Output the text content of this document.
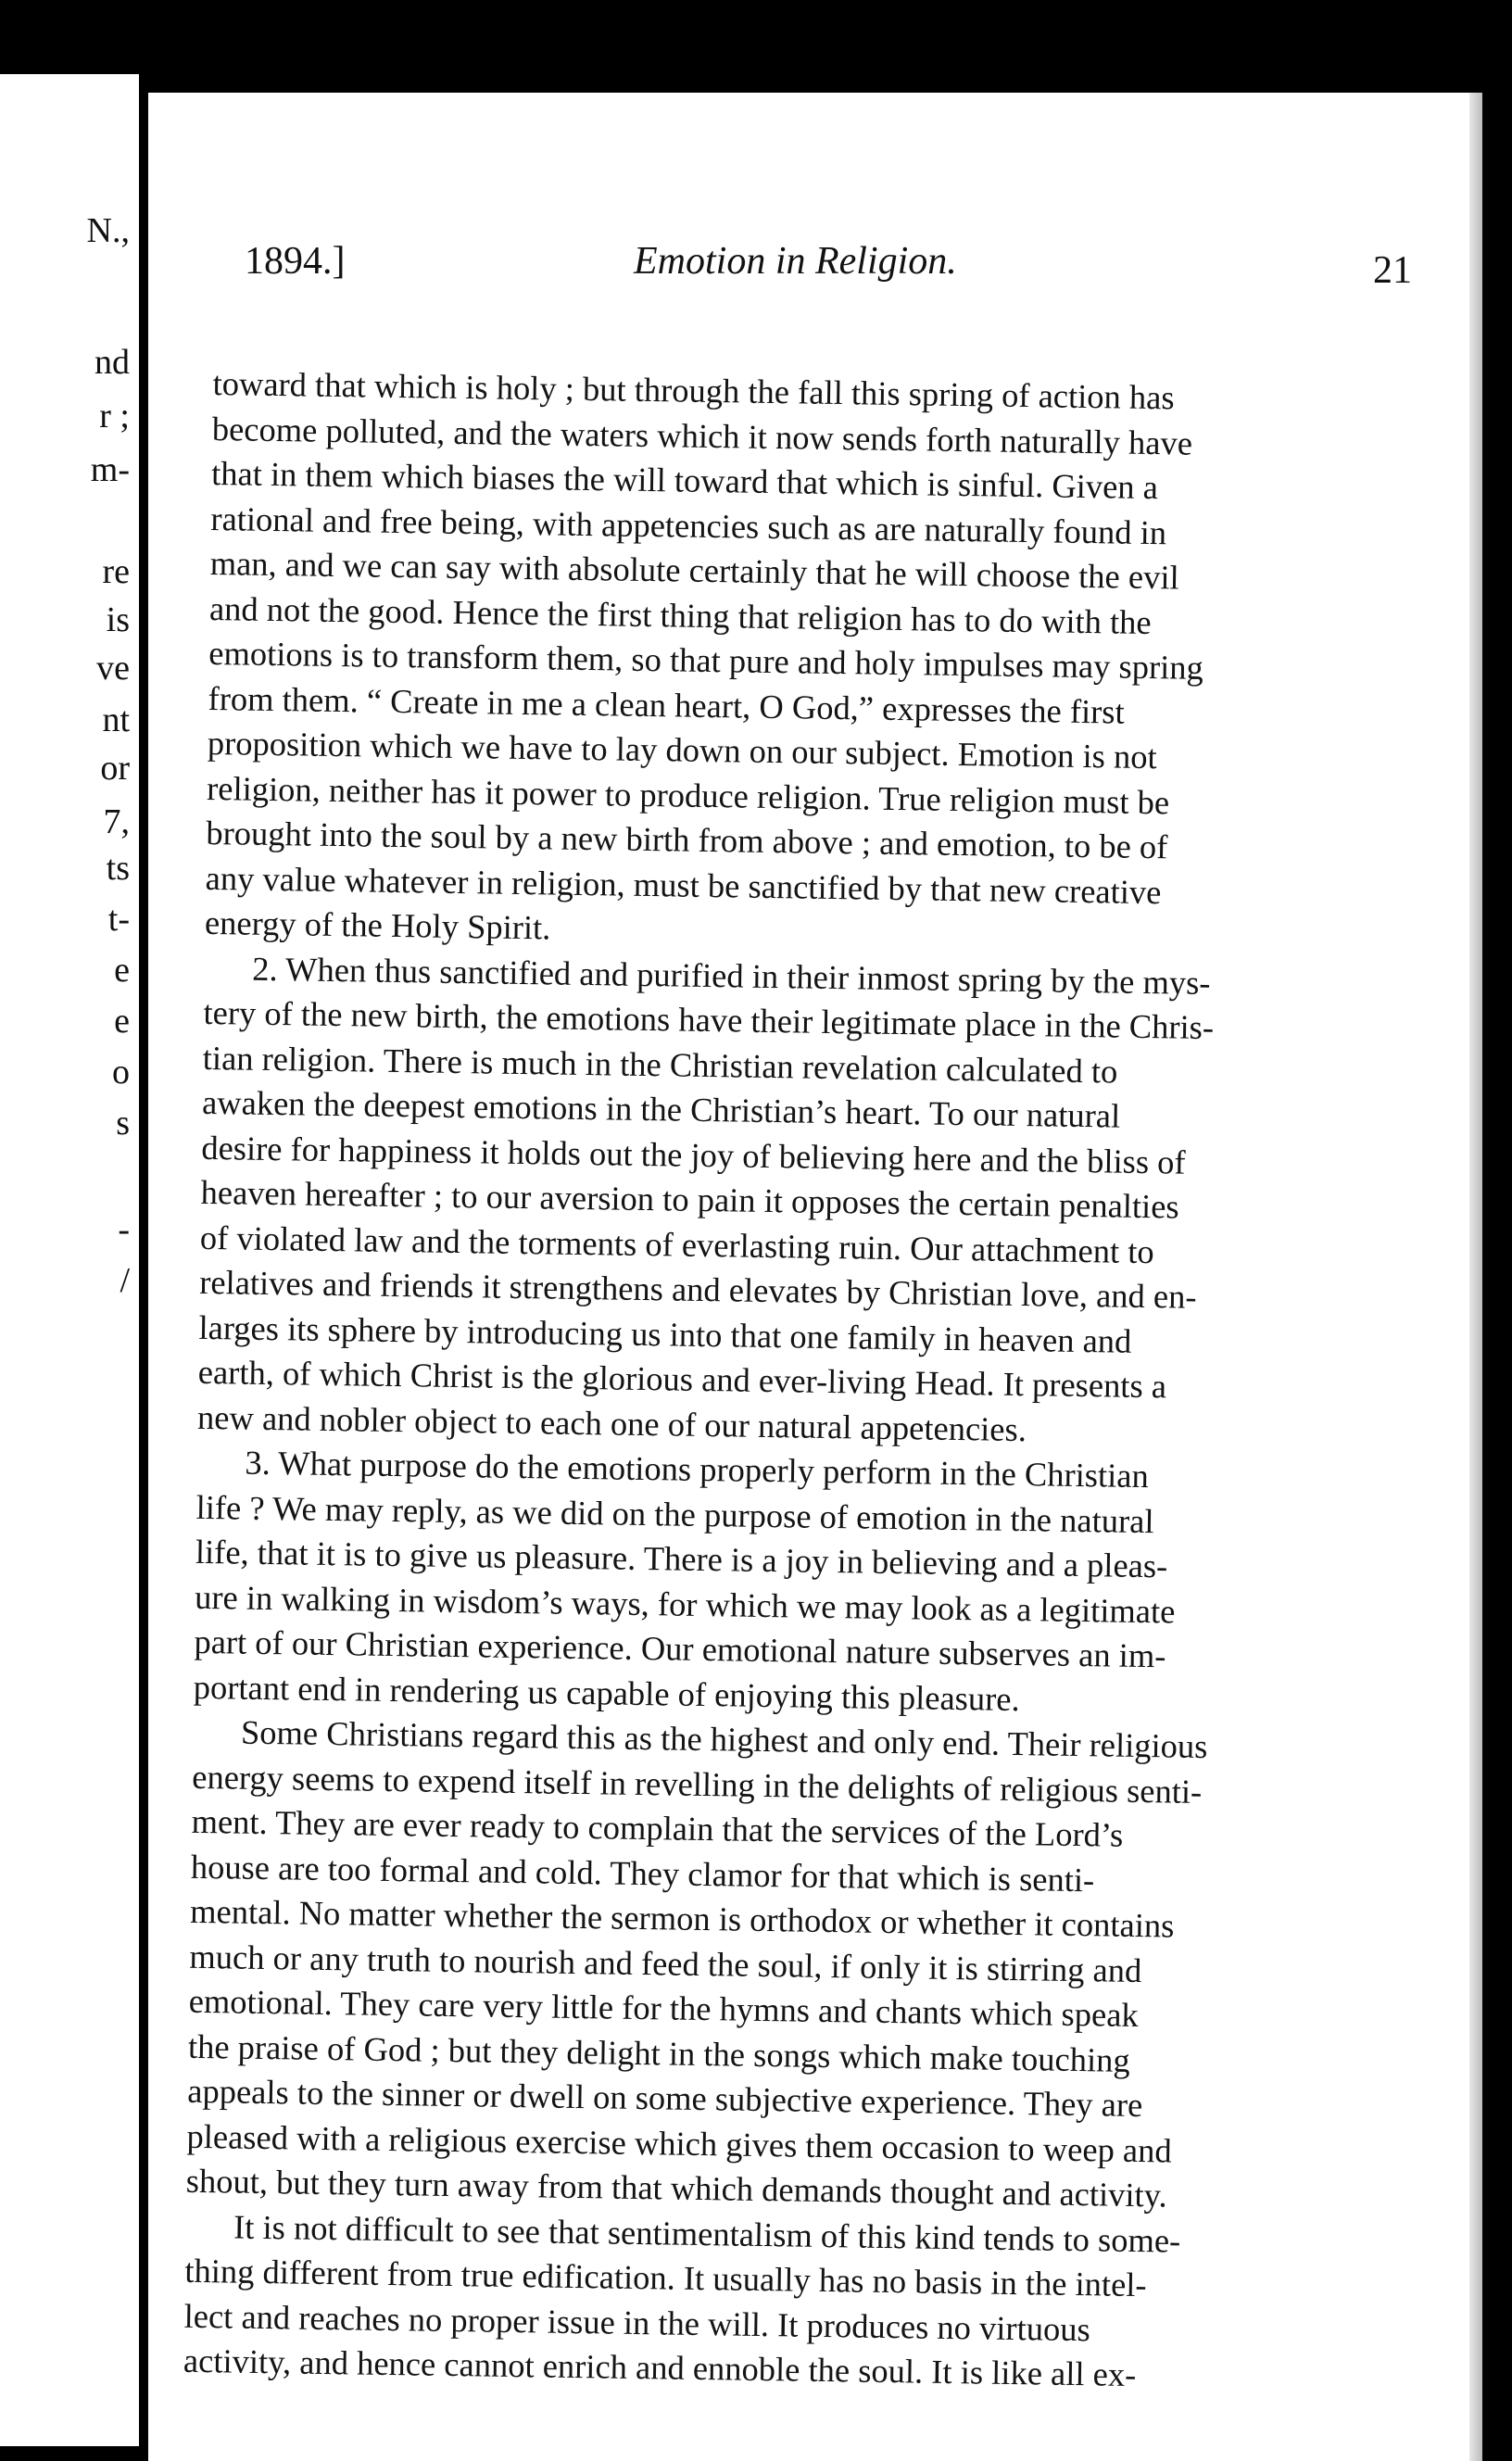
N.,
nd
r ;
m-
re
is
ve
nt
or
7,
ts
t-
e
e
o
s
-
/
1894.]	Emotion in Religion.	21
toward that which is holy ; but through the fall this spring of action has
become polluted, and the waters which it now sends forth naturally have
that in them which biases the will toward that which is sinful. Given a
rational and free being, with appetencies such as are naturally found in
man, and we can say with absolute certainly that he will choose the evil
and not the good. Hence the first thing that religion has to do with the
emotions is to transform them, so that pure and holy impulses may spring
from them. “ Create in me a clean heart, O God,” expresses the first
proposition which we have to lay down on our subject. Emotion is not
religion, neither has it power to produce religion. True religion must be
brought into the soul by a new birth from above ; and emotion, to be of
any value whatever in religion, must be sanctified by that new creative
energy of the Holy Spirit.
2. When thus sanctified and purified in their inmost spring by the mys-
tery of the new birth, the emotions have their legitimate place in the Chris-
tian religion. There is much in the Christian revelation calculated to
awaken the deepest emotions in the Christian’s heart. To our natural
desire for happiness it holds out the joy of believing here and the bliss of
heaven hereafter ; to our aversion to pain it opposes the certain penalties
of violated law and the torments of everlasting ruin. Our attachment to
relatives and friends it strengthens and elevates by Christian love, and en-
larges its sphere by introducing us into that one family in heaven and
earth, of which Christ is the glorious and ever-living Head. It presents a
new and nobler object to each one of our natural appetencies.
3. What purpose do the emotions properly perform in the Christian
life ? We may reply, as we did on the purpose of emotion in the natural
life, that it is to give us pleasure. There is a joy in believing and a pleas-
ure in walking in wisdom’s ways, for which we may look as a legitimate
part of our Christian experience. Our emotional nature subserves an im-
portant end in rendering us capable of enjoying this pleasure.
Some Christians regard this as the highest and only end. Their religious
energy seems to expend itself in revelling in the delights of religious senti-
ment. They are ever ready to complain that the services of the Lord’s
house are too formal and cold. They clamor for that which is senti-
mental. No matter whether the sermon is orthodox or whether it contains
much or any truth to nourish and feed the soul, if only it is stirring and
emotional. They care very little for the hymns and chants which speak
the praise of God ; but they delight in the songs which make touching
appeals to the sinner or dwell on some subjective experience. They are
pleased with a religious exercise which gives them occasion to weep and
shout, but they turn away from that which demands thought and activity.
It is not difficult to see that sentimentalism of this kind tends to some-
thing different from true edification. It usually has no basis in the intel-
lect and reaches no proper issue in the will. It produces no virtuous
activity, and hence cannot enrich and ennoble the soul. It is like all ex-
